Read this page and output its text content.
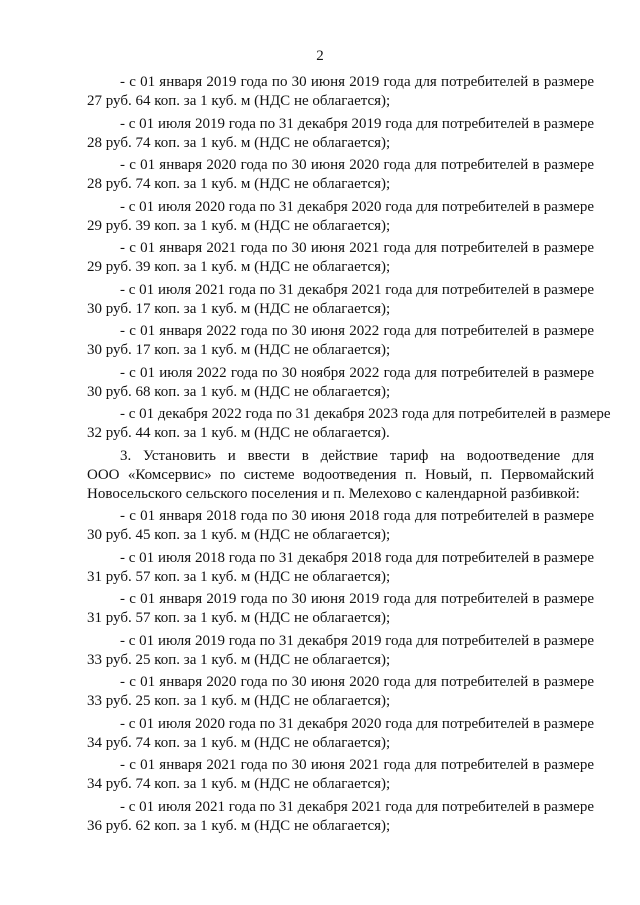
2
- с 01 января 2019 года по 30 июня 2019 года для потребителей в размере
27 руб. 64 коп. за 1 куб. м (НДС не облагается);
- с 01 июля 2019 года по 31 декабря 2019 года для потребителей в размере
28 руб. 74 коп. за 1 куб. м (НДС не облагается);
- с 01 января 2020 года по 30 июня 2020 года для потребителей в размере
28 руб. 74 коп. за 1 куб. м (НДС не облагается);
- с 01 июля 2020 года по 31 декабря 2020 года для потребителей в размере
29 руб. 39 коп. за 1 куб. м (НДС не облагается);
- с 01 января 2021 года по 30 июня 2021 года для потребителей в размере
29 руб. 39 коп. за 1 куб. м (НДС не облагается);
- с 01 июля 2021 года по 31 декабря 2021 года для потребителей в размере
30 руб. 17 коп. за 1 куб. м (НДС не облагается);
- с 01 января 2022 года по 30 июня 2022 года для потребителей в размере
30 руб. 17 коп. за 1 куб. м (НДС не облагается);
- с 01 июля 2022 года по 30 ноября 2022 года для потребителей в размере
30 руб. 68 коп. за 1 куб. м (НДС не облагается);
- с 01 декабря 2022 года по 31 декабря 2023 года для потребителей в размере
32 руб. 44 коп. за 1 куб. м (НДС не облагается).
3. Установить и ввести в действие тариф на водоотведение для
ООО «Комсервис» по системе водоотведения п. Новый, п. Первомайский
Новосельского сельского поселения и п. Мелехово с календарной разбивкой:
- с 01 января 2018 года по 30 июня 2018 года для потребителей в размере
30 руб. 45 коп. за 1 куб. м (НДС не облагается);
- с 01 июля 2018 года по 31 декабря 2018 года для потребителей в размере
31 руб. 57 коп. за 1 куб. м (НДС не облагается);
- с 01 января 2019 года по 30 июня 2019 года для потребителей в размере
31 руб. 57 коп. за 1 куб. м (НДС не облагается);
- с 01 июля 2019 года по 31 декабря 2019 года для потребителей в размере
33 руб. 25 коп. за 1 куб. м (НДС не облагается);
- с 01 января 2020 года по 30 июня 2020 года для потребителей в размере
33 руб. 25 коп. за 1 куб. м (НДС не облагается);
- с 01 июля 2020 года по 31 декабря 2020 года для потребителей в размере
34 руб. 74 коп. за 1 куб. м (НДС не облагается);
- с 01 января 2021 года по 30 июня 2021 года для потребителей в размере
34 руб. 74 коп. за 1 куб. м (НДС не облагается);
- с 01 июля 2021 года по 31 декабря 2021 года для потребителей в размере
36 руб. 62 коп. за 1 куб. м (НДС не облагается);
